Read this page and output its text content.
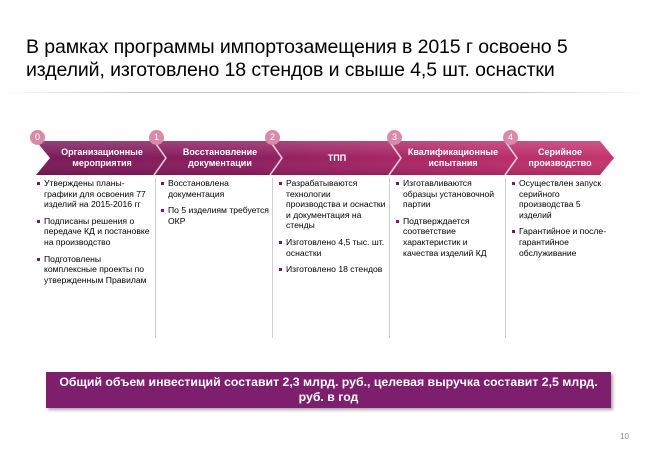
В рамках программы импортозамещения в 2015 г освоено 5 изделий, изготовлено 18 стендов и свыше 4,5 шт. оснастки
Организационные мероприятия
Восстановление документации
ТПП
Квалификационные испытания
Серийное производство
0	1	2	3	4
Утверждены планы-графики для освоения 77 изделий на 2015-2016 гг
Подписаны решения о передаче КД и постановке на производство
Подготовлены комплексные проекты по утвержденным Правилам
Восстановлена документация
По 5 изделиям требуется ОКР
Разрабатываются технологии производства и оснастки и документация на стенды
Изготовлено 4,5 тыс. шт. оснастки
Изготовлено 18 стендов
Изготавливаются образцы установочной партии
Подтверждается соответствие характеристик и качества изделий КД
Осуществлен запуск серийного производства 5 изделий
Гарантийное и после-гарантийное обслуживание
Общий объем инвестиций составит 2,3 млрд. руб., целевая выручка составит 2,5 млрд. руб. в год
10
